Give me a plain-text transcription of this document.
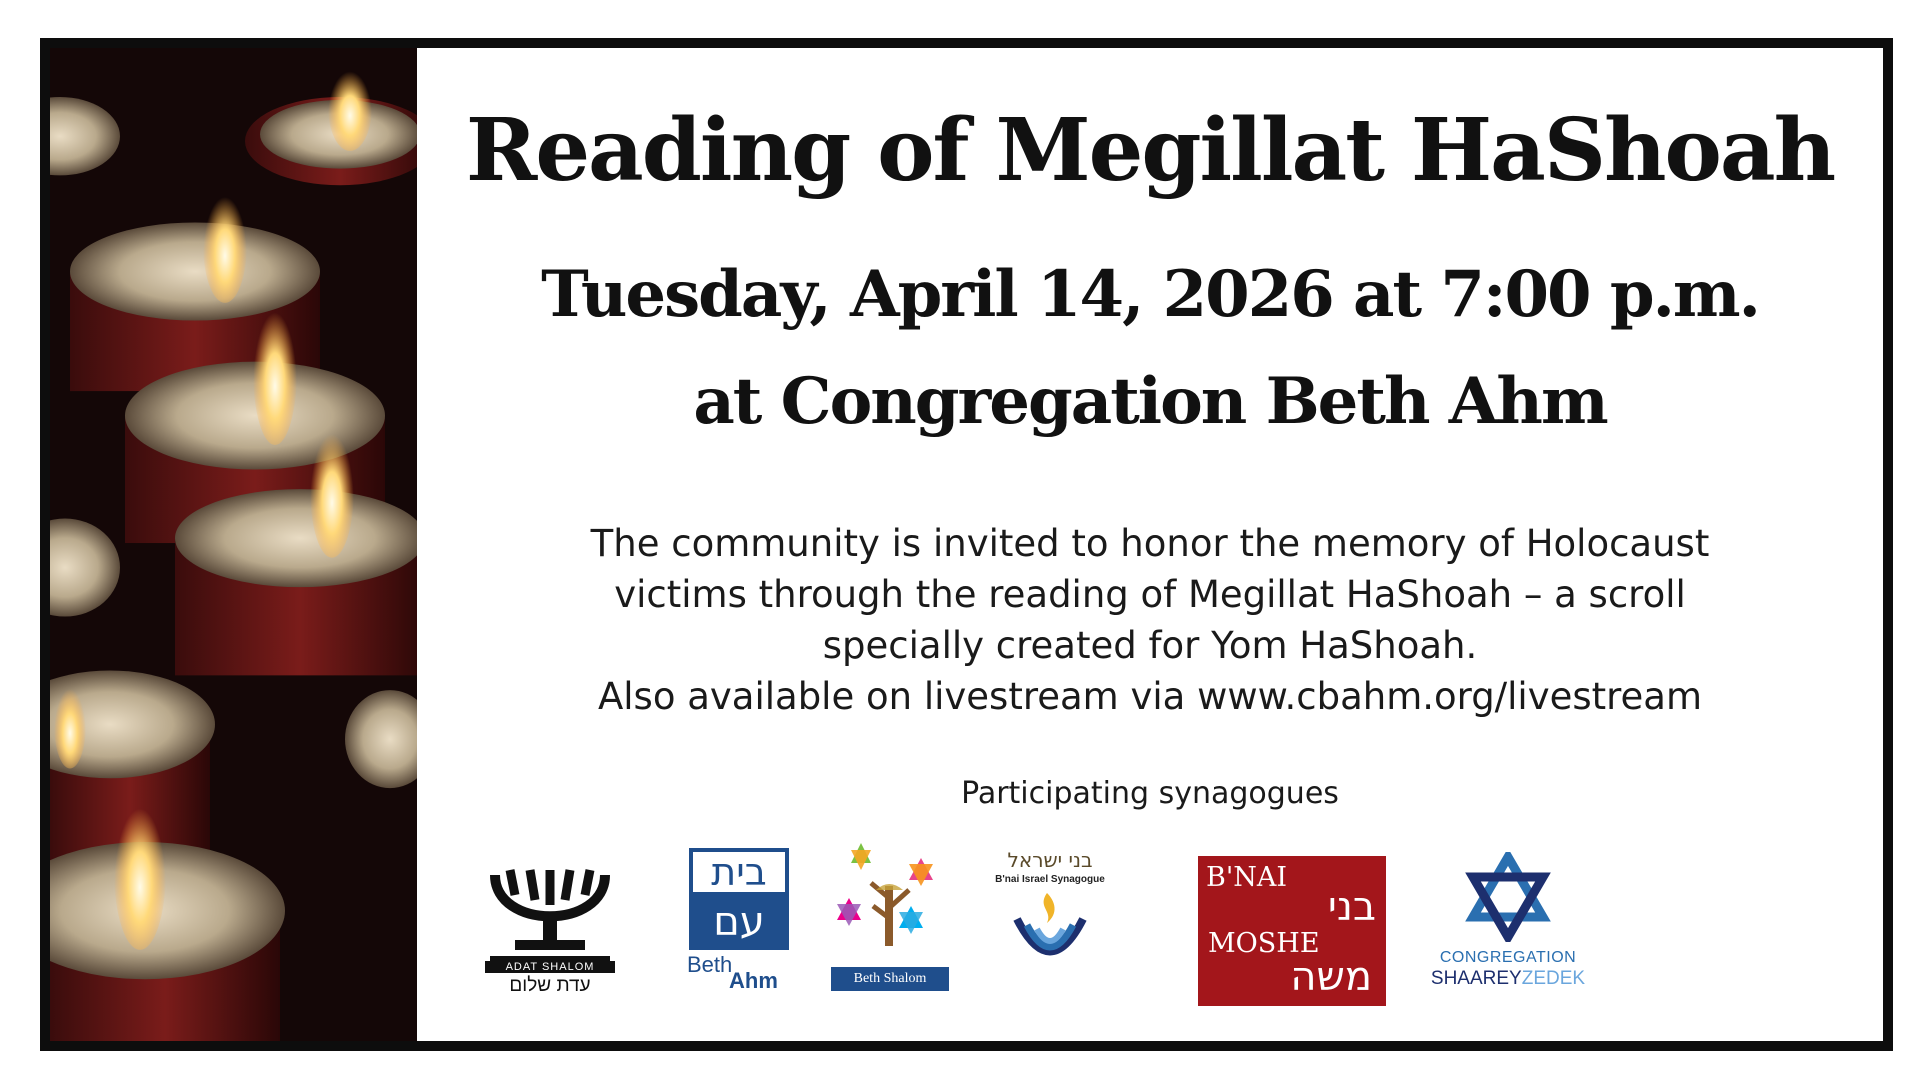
Reading of Megillat HaShoah
Tuesday, April 14, 2026 at 7:00 p.m.
at Congregation Beth Ahm
The community is invited to honor the memory of Holocaust
victims through the reading of Megillat HaShoah – a scroll
specially created for Yom HaShoah.
Also available on livestream via www.cbahm.org/livestream
Participating synagogues
ADAT SHALOM
עדת שלום
בית
עם
Beth
Ahm	Beth Shalom
בני ישראל
B'nai Israel Synagogue	B'NAI
בני
MOSHE
משה	CONGREGATION
SHAAREYZEDEK
